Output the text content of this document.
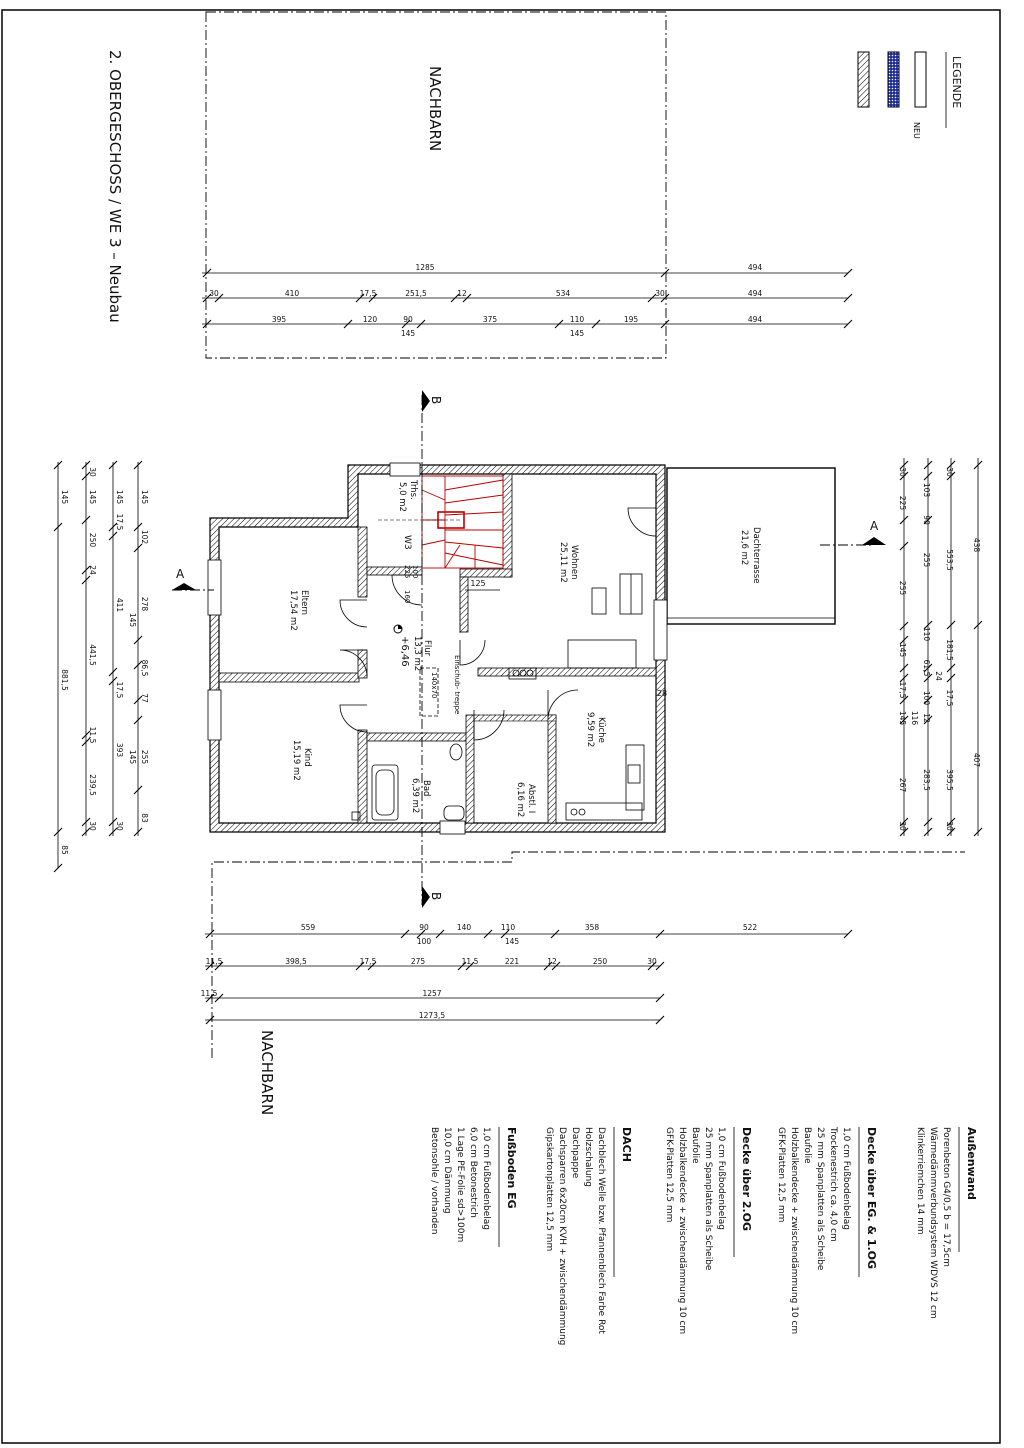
LEGENDE
NEU
2. OBERGESCHOSS / WE 3 – Neubau	NACHBARN
NACHBARN
1285	494
30	410	17,5	251,5	12	534	30	494
395	120	90
145
375	110
145
195	494
559	90
100
140	110
145
358	522
11,5	398,5	17,5	275	11,5	221	12	250	30
11,5	1257
1273,5
145
881,5
85
30
145
250
24
441,5
11,5
239,5
30
145
17,5
411
17,5
393
30
145
102
278
145
86,5
77
145 255
83
438
407
30
553,5
181,5
17,5
395,5
30
103
90
255
110
61,5 24
100
12
283,5
30
225
255
145
17,5
145 116
267
30
Wohnen
25,11 m2	Dachterrasse
21,6 m2
Trhs.
5,0 m2
Eltern
17,54 m2
Flur
13,3 m2
+6,46
Küche
9,59 m2
Kind
15,19 m2
Bad
6,39 m2	Abstl. I
6,16 m2
W3
100
225
160
125
Einschub- treppe
140x70	28
A
A
B
B
Außenwand
Porenbeton G4/0,5 b = 17,5cm
Wärmedämmverbundsystem WDVS 12 cm
Klinkerriemchen 14 mm
Decke über EG. & 1.OG
1,0 cm Fußbodenbelag
Trockenestrich ca. 4,0 cm
25 mm Spanplatten als Scheibe
Baufolie
Holzbalkendecke + zwischendämmung 10 cm
GFK-Platten 12,5 mm
Decke über 2.OG
1,0 cm Fußbodenbelag
25 mm Spanplatten als Scheibe
Baufolie
Holzbalkendecke + zwischendämmung 10 cm
GFK-Platten 12,5 mm
DACH
Dachblech Welle bzw. Pfannenblech Farbe Rot
Holzschalung
Dachpappe
Dachsparren 6x20cm KVH + zwischendämmung
Gipskartonplatten 12,5 mm
Fußboden EG
1,0 cm Fußbodenbelag
6,0 cm Betonestrich
1 Lage PE-Folie sd>100m
10,0 cm Dämmung
Betonsohle / vorhanden
